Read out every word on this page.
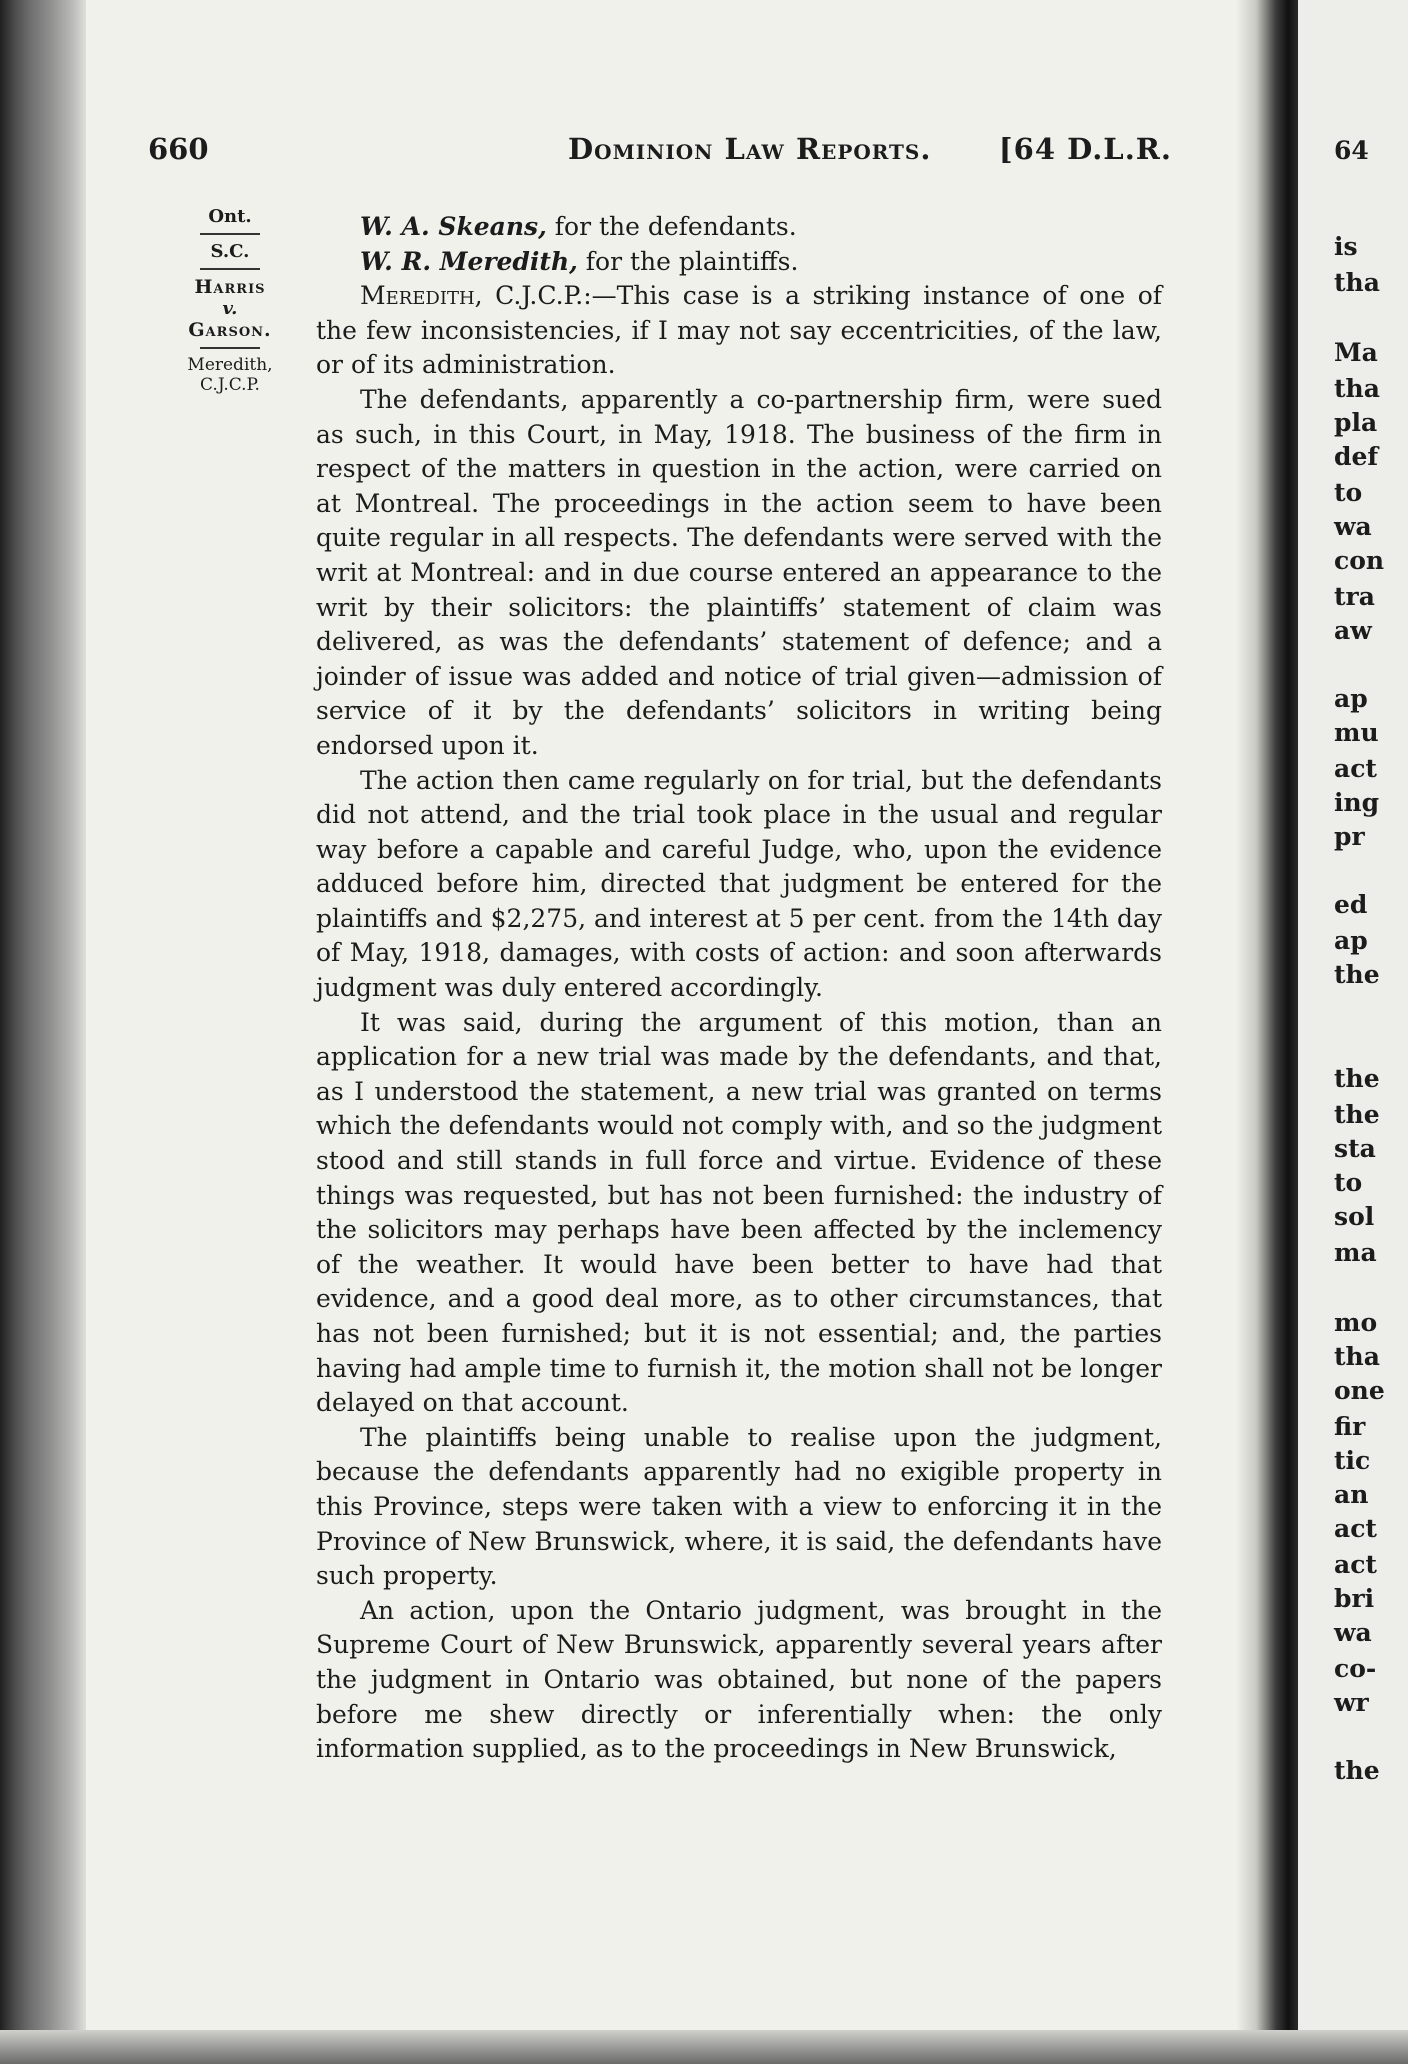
660	Dominion Law Reports. [64 D.L.R.
Ont.
S.C.
Harris
v.
Garson.
Meredith,
C.J.C.P.

W. A. Skeans, for the defendants.

W. R. Meredith, for the plaintiffs.

Meredith, C.J.C.P.:—This case is a striking instance of one of the few inconsistencies, if I may not say eccentricities, of the law, or of its administration.

The defendants, apparently a co-partnership firm, were sued as such, in this Court, in May, 1918. The business of the firm in respect of the matters in question in the action, were carried on at Montreal. The proceedings in the action seem to have been quite regular in all respects. The defendants were served with the writ at Montreal: and in due course entered an appearance to the writ by their solicitors: the plaintiffs’ statement of claim was delivered, as was the defendants’ statement of defence; and a joinder of issue was added and notice of trial given—admission of service of it by the defendants’ solicitors in writing being endorsed upon it.

The action then came regularly on for trial, but the defendants did not attend, and the trial took place in the usual and regular way before a capable and careful Judge, who, upon the evidence adduced before him, directed that judgment be entered for the plaintiffs and $2,275, and interest at 5 per cent. from the 14th day of May, 1918, damages, with costs of action: and soon afterwards judgment was duly entered accordingly.

It was said, during the argument of this motion, than an application for a new trial was made by the defendants, and that, as I understood the statement, a new trial was granted on terms which the defendants would not comply with, and so the judgment stood and still stands in full force and virtue. Evidence of these things was requested, but has not been furnished: the industry of the solicitors may perhaps have been affected by the inclemency of the weather. It would have been better to have had that evidence, and a good deal more, as to other circumstances, that has not been furnished; but it is not essential; and, the parties having had ample time to furnish it, the motion shall not be longer delayed on that account.

The plaintiffs being unable to realise upon the judgment, because the defendants apparently had no exigible property in this Province, steps were taken with a view to enforcing it in the Province of New Brunswick, where, it is said, the defendants have such property.

An action, upon the Ontario judgment, was brought in the Supreme Court of New Brunswick, apparently several years after the judgment in Ontario was obtained, but none of the papers before me shew directly or inferentially when: the only information supplied, as to the proceedings in New Brunswick,

64
is
tha
Ma
tha
pla
def
to
wa
con
tra
aw
ap
mu
act
ing
pr
ed
ap
the
the
the
sta
to
sol
ma
mo
tha
one
fir
tic
an
act
act
bri
wa
co-
wr
the
